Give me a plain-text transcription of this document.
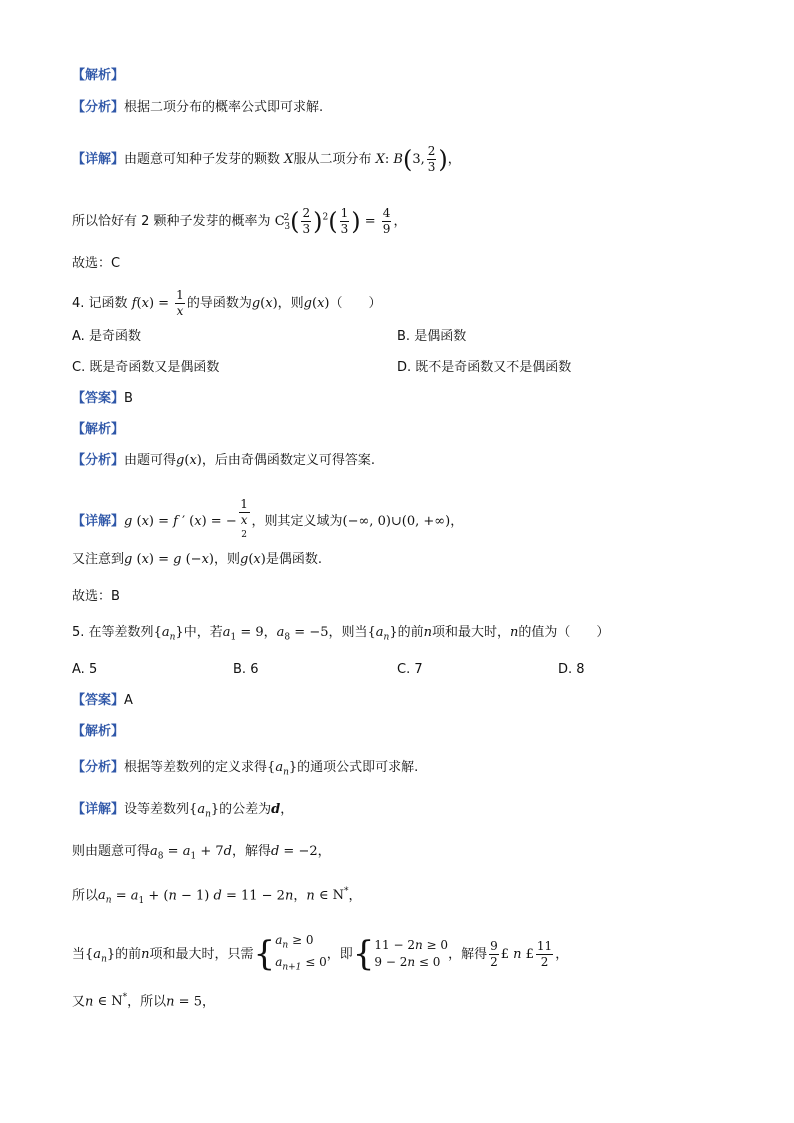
【解析】
【分析】根据二项分布的概率公式即可求解.
【详解】由题意可知种子发芽的颗数 X服从二项分布 X: B(3, $\frac{2}{3}$ )，
所以恰好有 2 颗种子发芽的概率为 $C^2_3( \frac{2}{3} )^2( \frac{1}{3}$ ) = $\frac{4}{9}$ ，
故选：C
4. 记函数 $f(x) = \frac{1}{x}$ 的导函数为g(x)，则g(x)（　　）
A. 是奇函数	B. 是偶函数
C. 既是奇函数又是偶函数	D. 既不是奇函数又不是偶函数
【答案】B
【解析】
【分析】由题可得g(x)，后由奇偶函数定义可得答案.
【详解】g (x) = f ′ (x) = − 1
x
$^2$ ，则其定义域为(−∞, 0)∪(0, +∞)，
又注意到g (x) = g (−x)，则g(x)是偶函数.
故选：B
5. 在等差数列$\{a_n\}$中，若$a_1 = 9$，$a_8 = -5$，则当$\{a_n\}$的前n项和最大时，n的值为（　　）
A. 5	B. 6	C. 7	D. 8
【答案】A
【解析】
【分析】根据等差数列的定义求得$\{a_n\}$的通项公式即可求解.
【详解】设等差数列$\{a_n\}$的公差为d，
则由题意可得$a_8 = a_1 + 7d$，解得d = −2，
所以$a_n = a_1 + (n - 1) d = 11 - 2n$，n ∈ N*，
当$\{a_n\}$的前n项和最大时，只需{ $a_n \ge 0$
$a_{n+1} \le 0$
，即{ 11 − 2n ≥ 0
9 − 2n ≤ 0
，解得 $\frac{9}{2}$ £ n £ $\frac{11}{2}$ ，
又n ∈ N*，所以n = 5，
